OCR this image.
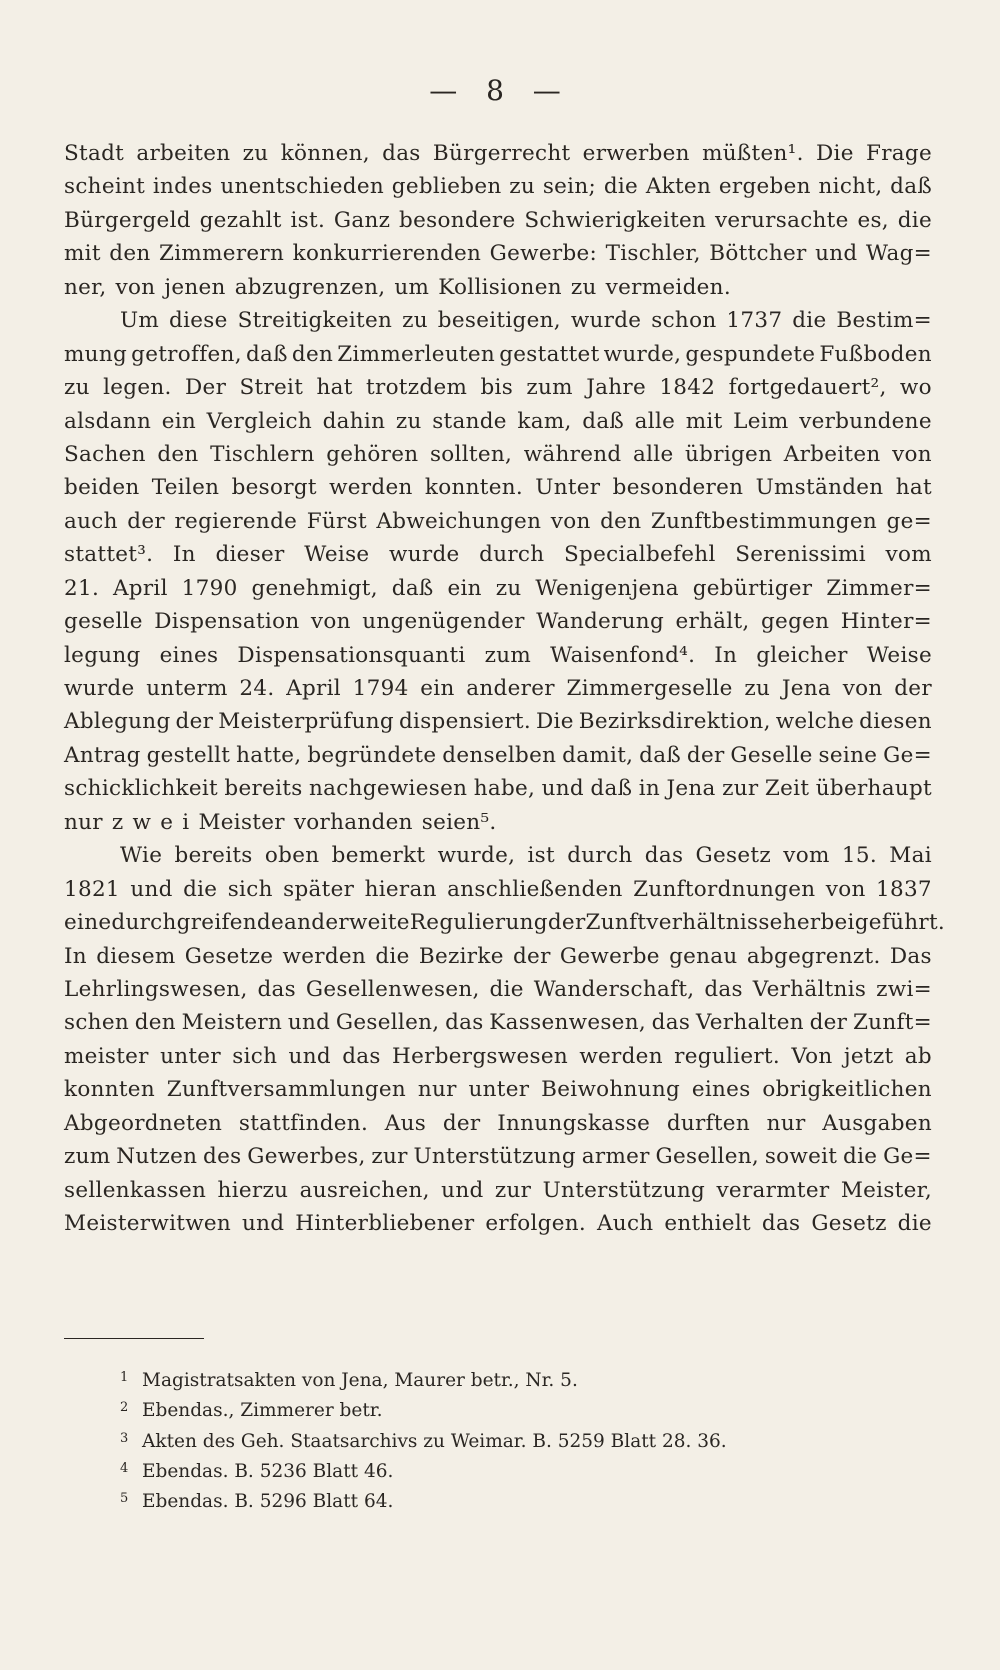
— 8 —
Stadt arbeiten zu können, das Bürgerrecht erwerben müßten¹. Die Frage
scheint indes unentschieden geblieben zu sein; die Akten ergeben nicht, daß
Bürgergeld gezahlt ist. Ganz besondere Schwierigkeiten verursachte es, die
mit den Zimmerern konkurrierenden Gewerbe: Tischler, Böttcher und Wag=
ner, von jenen abzugrenzen, um Kollisionen zu vermeiden.
Um diese Streitigkeiten zu beseitigen, wurde schon 1737 die Bestim=
mung getroffen, daß den Zimmerleuten gestattet wurde, gespundete Fußboden
zu legen. Der Streit hat trotzdem bis zum Jahre 1842 fortgedauert², wo
alsdann ein Vergleich dahin zu stande kam, daß alle mit Leim verbundene
Sachen den Tischlern gehören sollten, während alle übrigen Arbeiten von
beiden Teilen besorgt werden konnten. Unter besonderen Umständen hat
auch der regierende Fürst Abweichungen von den Zunftbestimmungen ge=
stattet³. In dieser Weise wurde durch Specialbefehl Serenissimi vom
21. April 1790 genehmigt, daß ein zu Wenigenjena gebürtiger Zimmer=
geselle Dispensation von ungenügender Wanderung erhält, gegen Hinter=
legung eines Dispensationsquanti zum Waisenfond⁴. In gleicher Weise
wurde unterm 24. April 1794 ein anderer Zimmergeselle zu Jena von der
Ablegung der Meisterprüfung dispensiert. Die Bezirksdirektion, welche diesen
Antrag gestellt hatte, begründete denselben damit, daß der Geselle seine Ge=
schicklichkeit bereits nachgewiesen habe, und daß in Jena zur Zeit überhaupt
nur z w e i Meister vorhanden seien⁵.
Wie bereits oben bemerkt wurde, ist durch das Gesetz vom 15. Mai
1821 und die sich später hieran anschließenden Zunftordnungen von 1837
eine durchgreifende anderweite Regulierung der Zunftverhältnisse herbeigeführt.
In diesem Gesetze werden die Bezirke der Gewerbe genau abgegrenzt. Das
Lehrlingswesen, das Gesellenwesen, die Wanderschaft, das Verhältnis zwi=
schen den Meistern und Gesellen, das Kassenwesen, das Verhalten der Zunft=
meister unter sich und das Herbergswesen werden reguliert. Von jetzt ab
konnten Zunftversammlungen nur unter Beiwohnung eines obrigkeitlichen
Abgeordneten stattfinden. Aus der Innungskasse durften nur Ausgaben
zum Nutzen des Gewerbes, zur Unterstützung armer Gesellen, soweit die Ge=
sellenkassen hierzu ausreichen, und zur Unterstützung verarmter Meister,
Meisterwitwen und Hinterbliebener erfolgen. Auch enthielt das Gesetz die
1 Magistratsakten von Jena, Maurer betr., Nr. 5.
2 Ebendas., Zimmerer betr.
3 Akten des Geh. Staatsarchivs zu Weimar. B. 5259 Blatt 28. 36.
4 Ebendas. B. 5236 Blatt 46.
5 Ebendas. B. 5296 Blatt 64.
